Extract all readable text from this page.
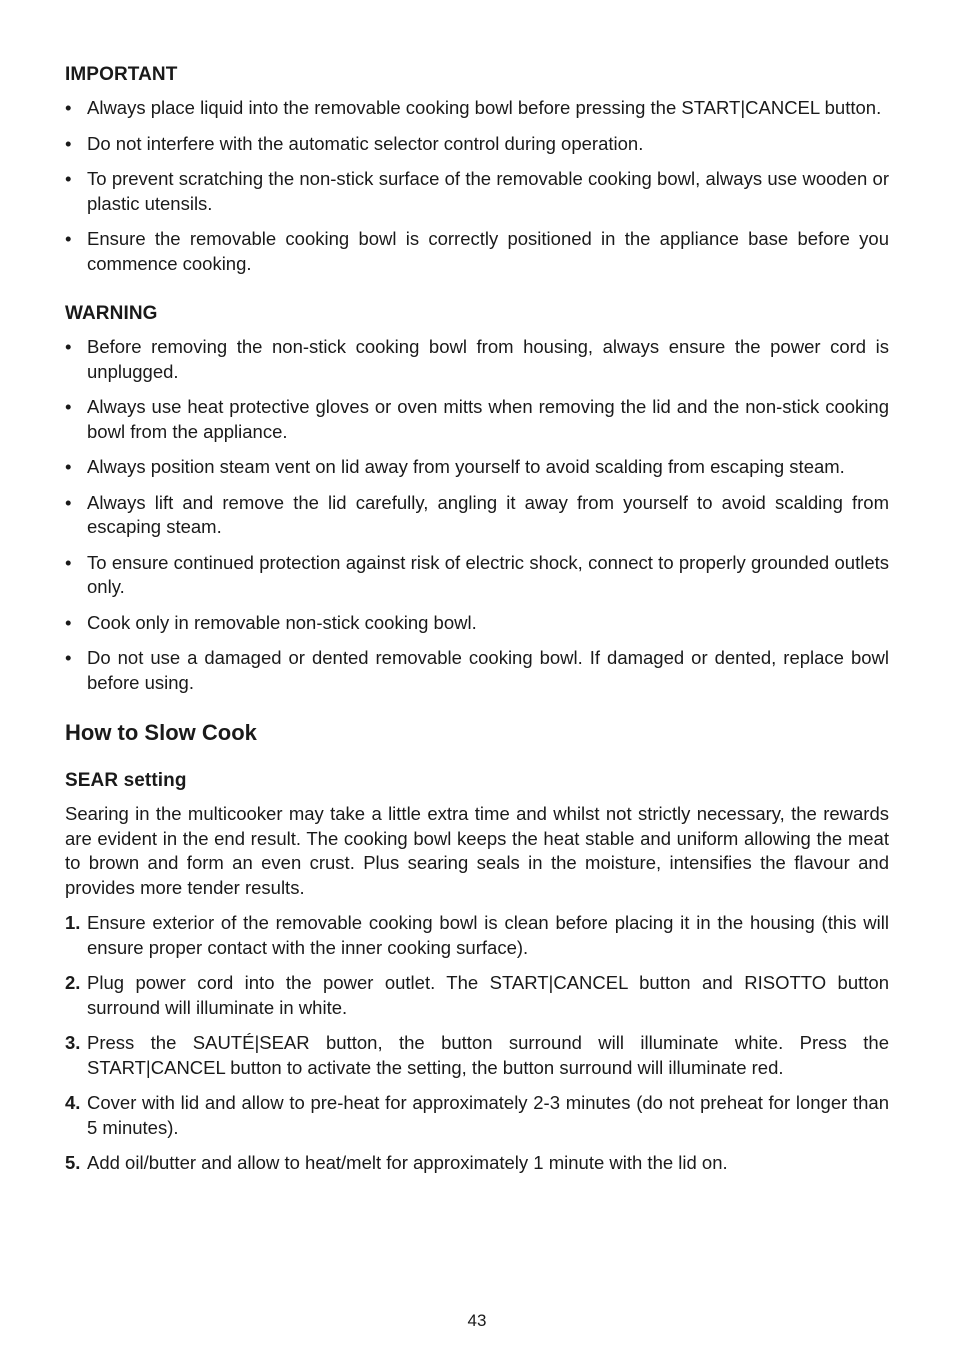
IMPORTANT
• Always place liquid into the removable cooking bowl before pressing the START|CANCEL button.
• Do not interfere with the automatic selector control during operation.
• To prevent scratching the non-stick surface of the removable cooking bowl, always use wooden or plastic utensils.
• Ensure the removable cooking bowl is correctly positioned in the appliance base before you commence cooking.
WARNING
• Before removing the non-stick cooking bowl from housing, always ensure the power cord is unplugged.
• Always use heat protective gloves or oven mitts when removing the lid and the non-stick cooking bowl from the appliance.
• Always position steam vent on lid away from yourself to avoid scalding from escaping steam.
• Always lift and remove the lid carefully, angling it away from yourself to avoid scalding from escaping steam.
• To ensure continued protection against risk of electric shock, connect to properly grounded outlets only.
• Cook only in removable non-stick cooking bowl.
• Do not use a damaged or dented removable cooking bowl. If damaged or dented, replace bowl before using.
How to Slow Cook
SEAR setting

Searing in the multicooker may take a little extra time and whilst not strictly necessary, the rewards are evident in the end result. The cooking bowl keeps the heat stable and uniform allowing the meat to brown and form an even crust. Plus searing seals in the moisture, intensifies the flavour and provides more tender results.

1. Ensure exterior of the removable cooking bowl is clean before placing it in the housing (this will ensure proper contact with the inner cooking surface).
2. Plug power cord into the power outlet. The START|CANCEL button and RISOTTO button surround will illuminate in white.
3. Press the SAUTÉ|SEAR button, the button surround will illuminate white. Press the START|CANCEL button to activate the setting, the button surround will illuminate red.
4. Cover with lid and allow to pre-heat for approximately 2-3 minutes (do not preheat for longer than 5 minutes).
5. Add oil/butter and allow to heat/melt for approximately 1 minute with the lid on.
43
